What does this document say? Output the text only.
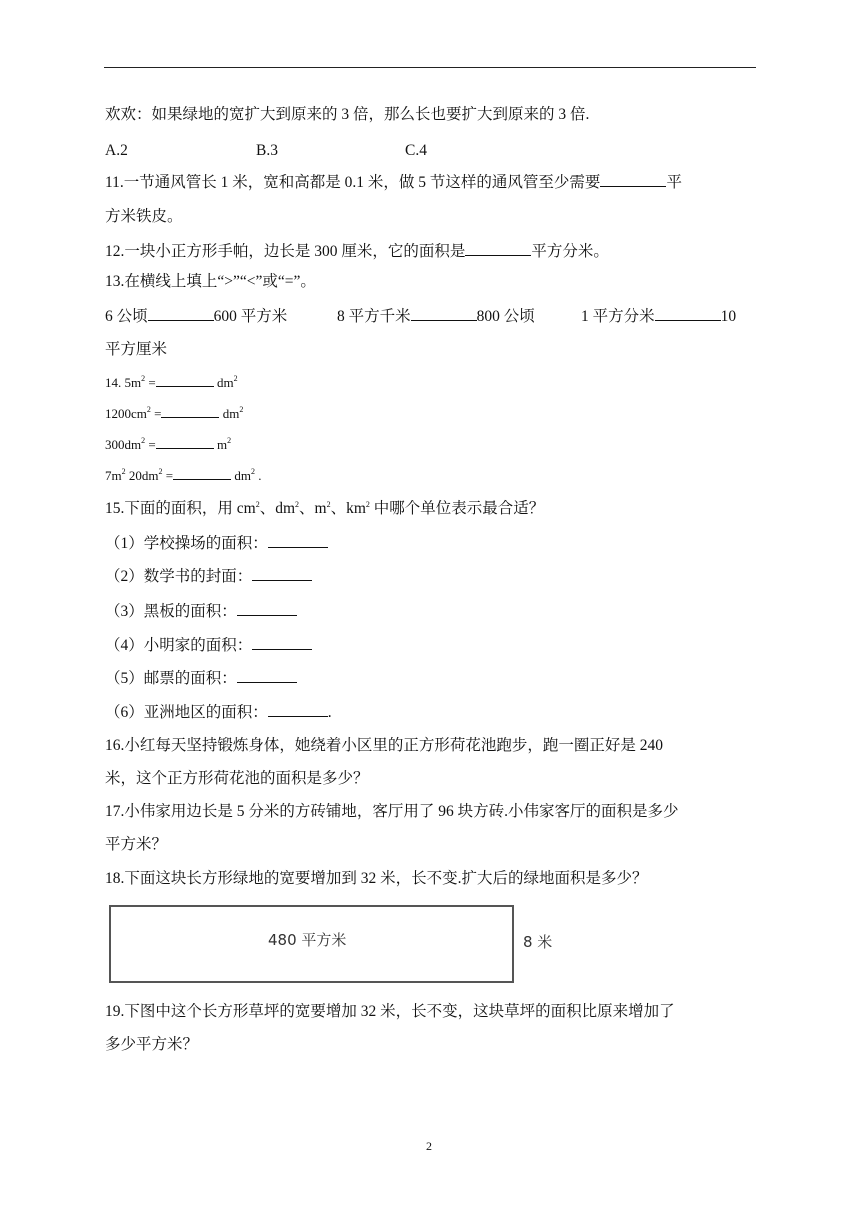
欢欢：如果绿地的宽扩大到原来的 3 倍，那么长也要扩大到原来的 3 倍.
A.2	B.3	C.4
11.一节通风管长 1 米，宽和高都是 0.1 米，做 5 节这样的通风管至少需要	平
方米铁皮。
12.一块小正方形手帕，边长是 300 厘米，它的面积是	平方分米。
13.在横线上填上“>”“<”或“=”。
6 公顷	600 平方米	8 平方千米	800 公顷	1 平方分米	10
平方厘米
14. $5m^2$ =	$dm^2$
$1200cm^2$ =	$dm^2$
$300dm^2$ =	$m^2$
$7m^2$ $20dm^2$ =	$dm^2$ .
15.下面的面积，用 $cm^2$、$dm^2$、$m^2$、$km^2$ 中哪个单位表示最合适？
（1）学校操场的面积：
（2）数学书的封面：
（3）黑板的面积：
（4）小明家的面积：
（5）邮票的面积：
（6）亚洲地区的面积：	.
16.小红每天坚持锻炼身体，她绕着小区里的正方形荷花池跑步，跑一圈正好是 240
米，这个正方形荷花池的面积是多少？
17.小伟家用边长是 5 分米的方砖铺地，客厅用了 96 块方砖.小伟家客厅的面积是多少
平方米？
18.下面这块长方形绿地的宽要增加到 32 米，长不变.扩大后的绿地面积是多少？
480 平方米	8 米
19.下图中这个长方形草坪的宽要增加 32 米，长不变，这块草坪的面积比原来增加了
多少平方米？
2
